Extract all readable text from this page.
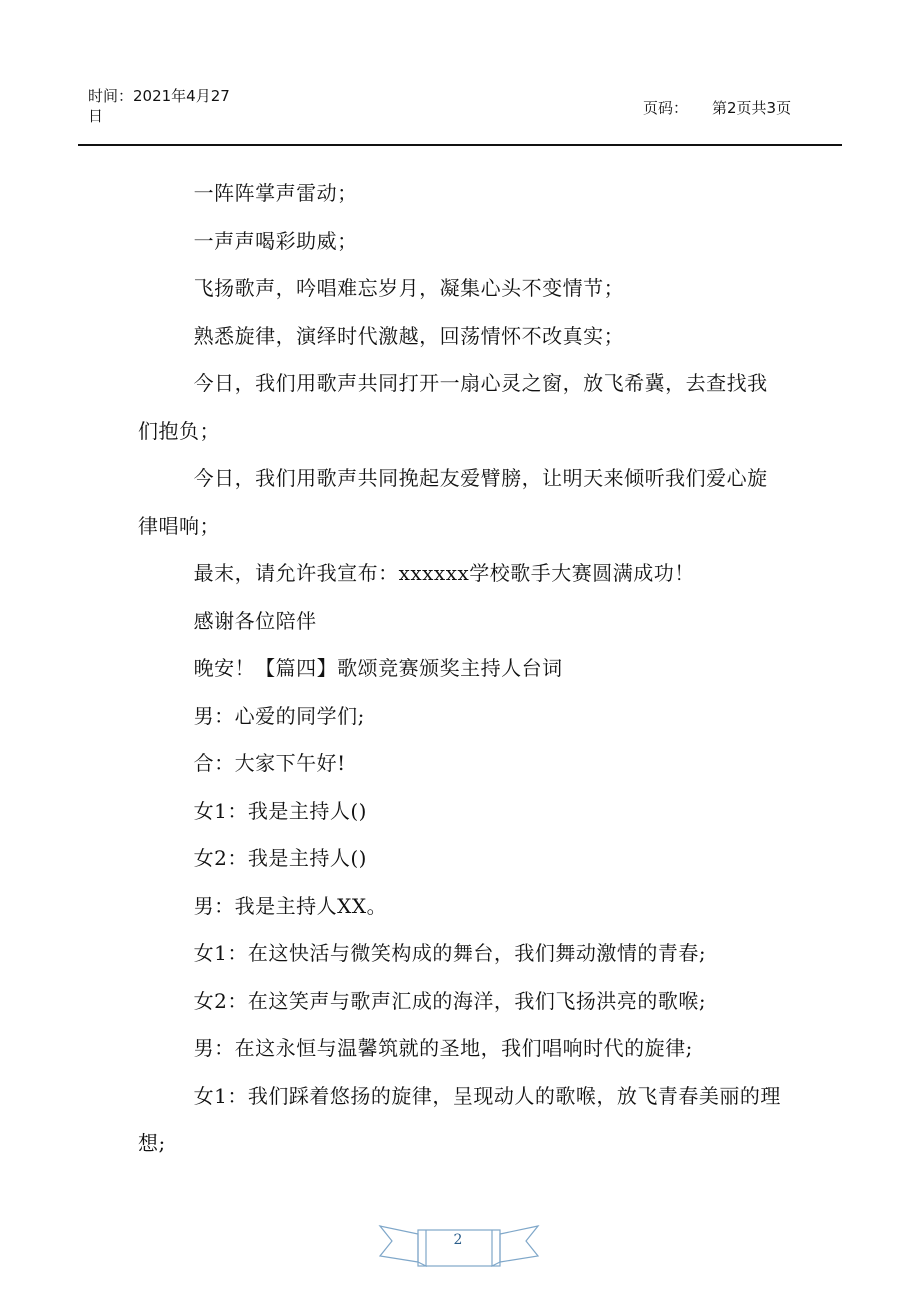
时间：2021年4月27
日	页码： 第2页共3页

一阵阵掌声雷动；

一声声喝彩助威；

飞扬歌声，吟唱难忘岁月，凝集心头不变情节；

熟悉旋律，演绎时代激越，回荡情怀不改真实；

今日，我们用歌声共同打开一扇心灵之窗，放飞希冀，去查找我们抱负；

今日，我们用歌声共同挽起友爱臂膀，让明天来倾听我们爱心旋律唱响；

最末，请允许我宣布：xxxxxx学校歌手大赛圆满成功！

感谢各位陪伴

晚安！【篇四】歌颂竞赛颁奖主持人台词

男：心爱的同学们;

合：大家下午好!

女1：我是主持人()

女2：我是主持人()

男：我是主持人XX。

女1：在这快活与微笑构成的舞台，我们舞动激情的青春;

女2：在这笑声与歌声汇成的海洋，我们飞扬洪亮的歌喉;

男：在这永恒与温馨筑就的圣地，我们唱响时代的旋律;

女1：我们踩着悠扬的旋律，呈现动人的歌喉，放飞青春美丽的理想;

2
